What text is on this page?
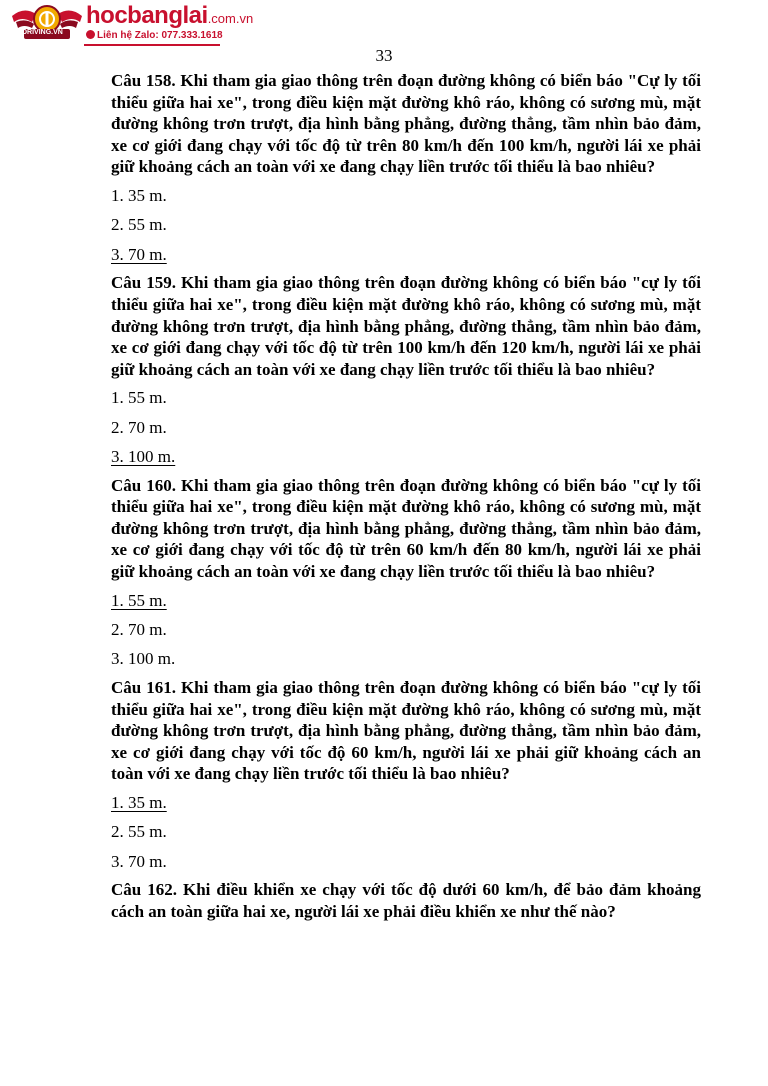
DRIVING.VN
hocbanglai.com.vn
Liên hệ Zalo: 077.333.1618
33

Câu 158. Khi tham gia giao thông trên đoạn đường không có biển báo "Cự ly tối thiểu giữa hai xe", trong điều kiện mặt đường khô ráo, không có sương mù, mặt đường không trơn trượt, địa hình bằng phẳng, đường thẳng, tầm nhìn bảo đảm, xe cơ giới đang chạy với tốc độ từ trên 80 km/h đến 100 km/h, người lái xe phải giữ khoảng cách an toàn với xe đang chạy liền trước tối thiểu là bao nhiêu?

1. 35 m.

2. 55 m.

3. 70 m.

Câu 159. Khi tham gia giao thông trên đoạn đường không có biển báo "cự ly tối thiểu giữa hai xe", trong điều kiện mặt đường khô ráo, không có sương mù, mặt đường không trơn trượt, địa hình bằng phẳng, đường thẳng, tầm nhìn bảo đảm, xe cơ giới đang chạy với tốc độ từ trên 100 km/h đến 120 km/h, người lái xe phải giữ khoảng cách an toàn với xe đang chạy liền trước tối thiểu là bao nhiêu?

1. 55 m.

2. 70 m.

3. 100 m.

Câu 160. Khi tham gia giao thông trên đoạn đường không có biển báo "cự ly tối thiểu giữa hai xe", trong điều kiện mặt đường khô ráo, không có sương mù, mặt đường không trơn trượt, địa hình bằng phẳng, đường thẳng, tầm nhìn bảo đảm, xe cơ giới đang chạy với tốc độ từ trên 60 km/h đến 80 km/h, người lái xe phải giữ khoảng cách an toàn với xe đang chạy liền trước tối thiểu là bao nhiêu?

1. 55 m.

2. 70 m.

3. 100 m.

Câu 161. Khi tham gia giao thông trên đoạn đường không có biển báo "cự ly tối thiểu giữa hai xe", trong điều kiện mặt đường khô ráo, không có sương mù, mặt đường không trơn trượt, địa hình bằng phẳng, đường thẳng, tầm nhìn bảo đảm, xe cơ giới đang chạy với tốc độ 60 km/h, người lái xe phải giữ khoảng cách an toàn với xe đang chạy liền trước tối thiểu là bao nhiêu?

1. 35 m.

2. 55 m.

3. 70 m.

Câu 162. Khi điều khiển xe chạy với tốc độ dưới 60 km/h, để bảo đảm khoảng cách an toàn giữa hai xe, người lái xe phải điều khiển xe như thế nào?
